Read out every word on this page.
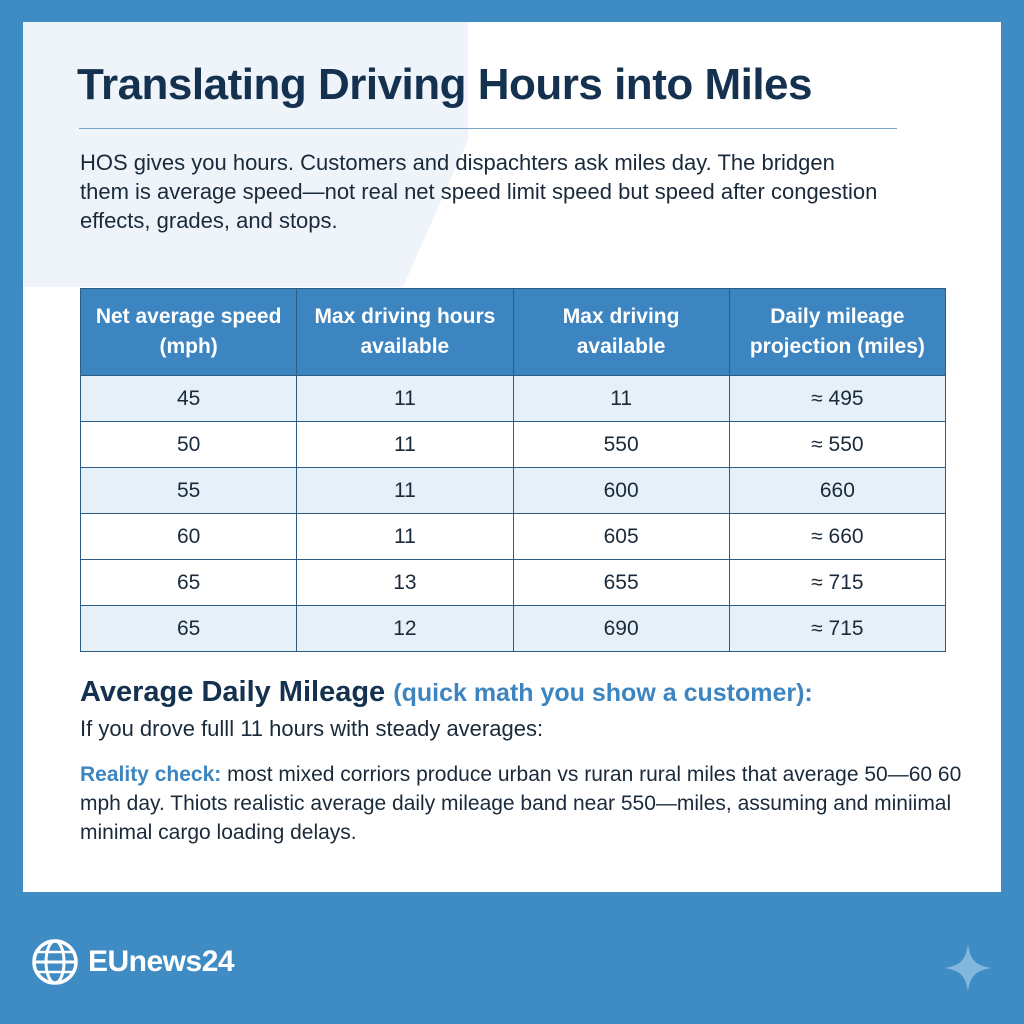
Translating Driving Hours into Miles

HOS gives you hours. Customers and dispachters ask miles day. The bridgen them is average speed—not real net speed limit speed but speed after congestion effects, grades, and stops.

Net average speed (mph)	Max driving hours available	Max driving available	Daily mileage projection (miles)
45	11	11	≈ 495
50	11	550	≈ 550
55	11	600	660
60	11	605	≈ 660
65	13	655	≈ 715
65	12	690	≈ 715
Average Daily Mileage (quick math you show a customer):

If you drove fulll 11 hours with steady averages:

Reality check: most mixed corriors produce urban vs ruran rural miles that average 50—60 60 mph day. Thiots realistic average daily mileage band near 550—miles, assuming and miniimal minimal cargo loading delays.

EUnews24
